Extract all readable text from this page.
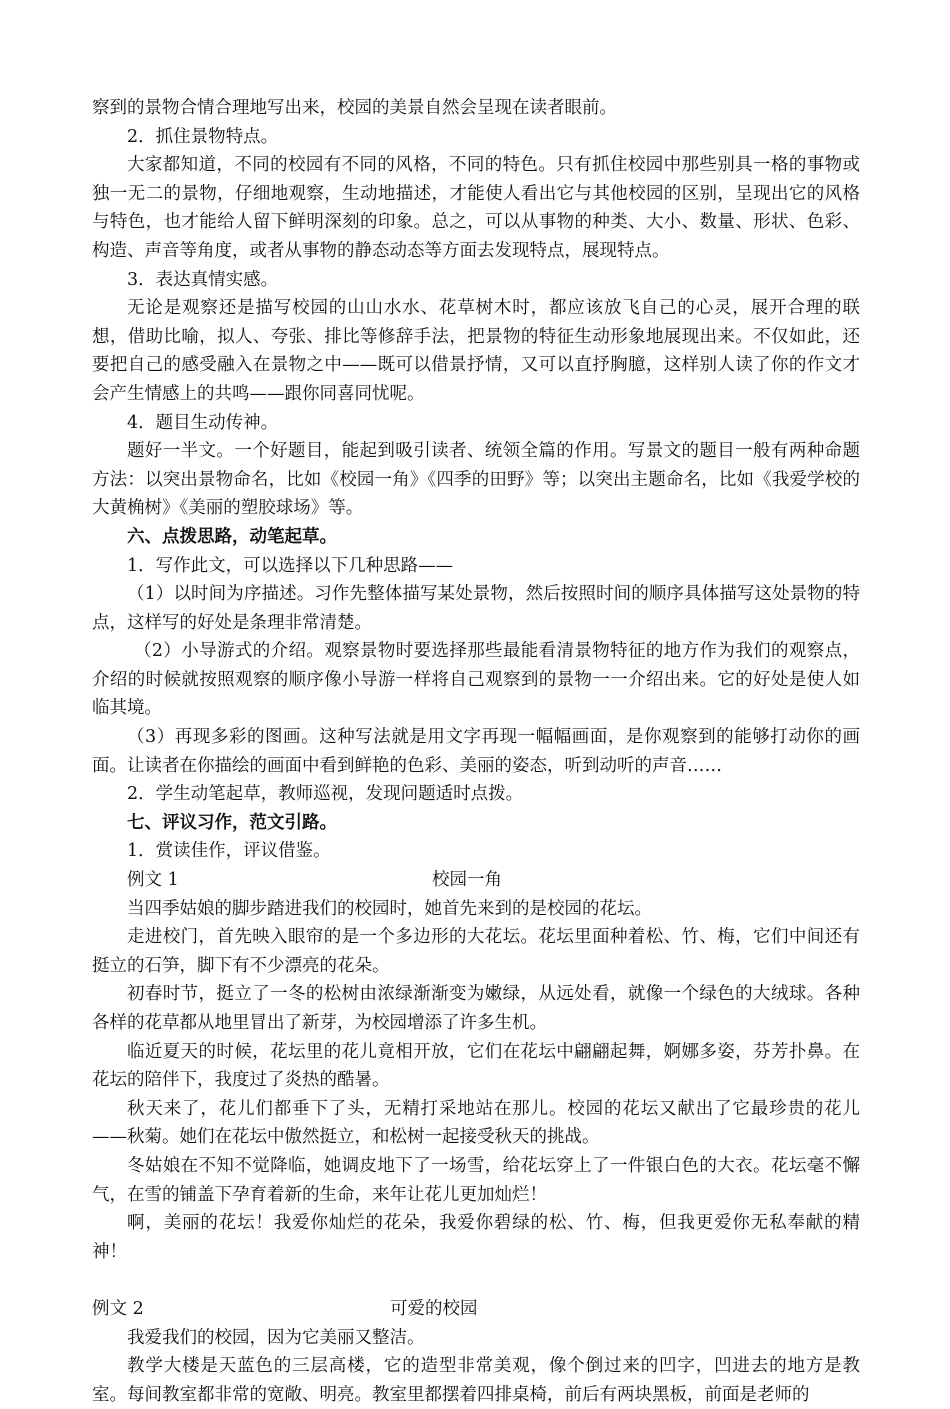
察到的景物合情合理地写出来，校园的美景自然会呈现在读者眼前。

2．抓住景物特点。

大家都知道，不同的校园有不同的风格，不同的特色。只有抓住校园中那些别具一格的事物或独一无二的景物，仔细地观察，生动地描述，才能使人看出它与其他校园的区别，呈现出它的风格与特色，也才能给人留下鲜明深刻的印象。总之，可以从事物的种类、大小、数量、形状、色彩、构造、声音等角度，或者从事物的静态动态等方面去发现特点，展现特点。

3．表达真情实感。

无论是观察还是描写校园的山山水水、花草树木时，都应该放飞自己的心灵，展开合理的联想，借助比喻，拟人、夸张、排比等修辞手法，把景物的特征生动形象地展现出来。不仅如此，还要把自己的感受融入在景物之中——既可以借景抒情，又可以直抒胸臆，这样别人读了你的作文才会产生情感上的共鸣——跟你同喜同忧呢。

4．题目生动传神。

题好一半文。一个好题目，能起到吸引读者、统领全篇的作用。写景文的题目一般有两种命题方法：以突出景物命名，比如《校园一角》《四季的田野》等；以突出主题命名，比如《我爱学校的大黄桷树》《美丽的塑胶球场》等。

六、点拨思路，动笔起草。

1．写作此文，可以选择以下几种思路——

（1）以时间为序描述。习作先整体描写某处景物，然后按照时间的顺序具体描写这处景物的特点，这样写的好处是条理非常清楚。

（2）小导游式的介绍。观察景物时要选择那些最能看清景物特征的地方作为我们的观察点，介绍的时候就按照观察的顺序像小导游一样将自己观察到的景物一一介绍出来。它的好处是使人如临其境。

（3）再现多彩的图画。这种写法就是用文字再现一幅幅画面，是你观察到的能够打动你的画面。让读者在你描绘的画面中看到鲜艳的色彩、美丽的姿态，听到动听的声音……

2．学生动笔起草，教师巡视，发现问题适时点拨。

七、评议习作，范文引路。

1．赏读佳作，评议借鉴。

例文 1	校园一角

当四季姑娘的脚步踏进我们的校园时，她首先来到的是校园的花坛。

走进校门，首先映入眼帘的是一个多边形的大花坛。花坛里面种着松、竹、梅，它们中间还有挺立的石笋，脚下有不少漂亮的花朵。

初春时节，挺立了一冬的松树由浓绿渐渐变为嫩绿，从远处看，就像一个绿色的大绒球。各种各样的花草都从地里冒出了新芽，为校园增添了许多生机。

临近夏天的时候，花坛里的花儿竟相开放，它们在花坛中翩翩起舞，婀娜多姿，芬芳扑鼻。在花坛的陪伴下，我度过了炎热的酷暑。

秋天来了，花儿们都垂下了头，无精打采地站在那儿。校园的花坛又献出了它最珍贵的花儿——秋菊。她们在花坛中傲然挺立，和松树一起接受秋天的挑战。

冬姑娘在不知不觉降临，她调皮地下了一场雪，给花坛穿上了一件银白色的大衣。花坛毫不懈气，在雪的铺盖下孕育着新的生命，来年让花儿更加灿烂！

啊，美丽的花坛！我爱你灿烂的花朵，我爱你碧绿的松、竹、梅，但我更爱你无私奉献的精神！

例文 2	可爱的校园

我爱我们的校园，因为它美丽又整洁。

教学大楼是天蓝色的三层高楼，它的造型非常美观，像个倒过来的凹字，凹进去的地方是教室。每间教室都非常的宽敞、明亮。教室里都摆着四排桌椅，前后有两块黑板，前面是老师的
